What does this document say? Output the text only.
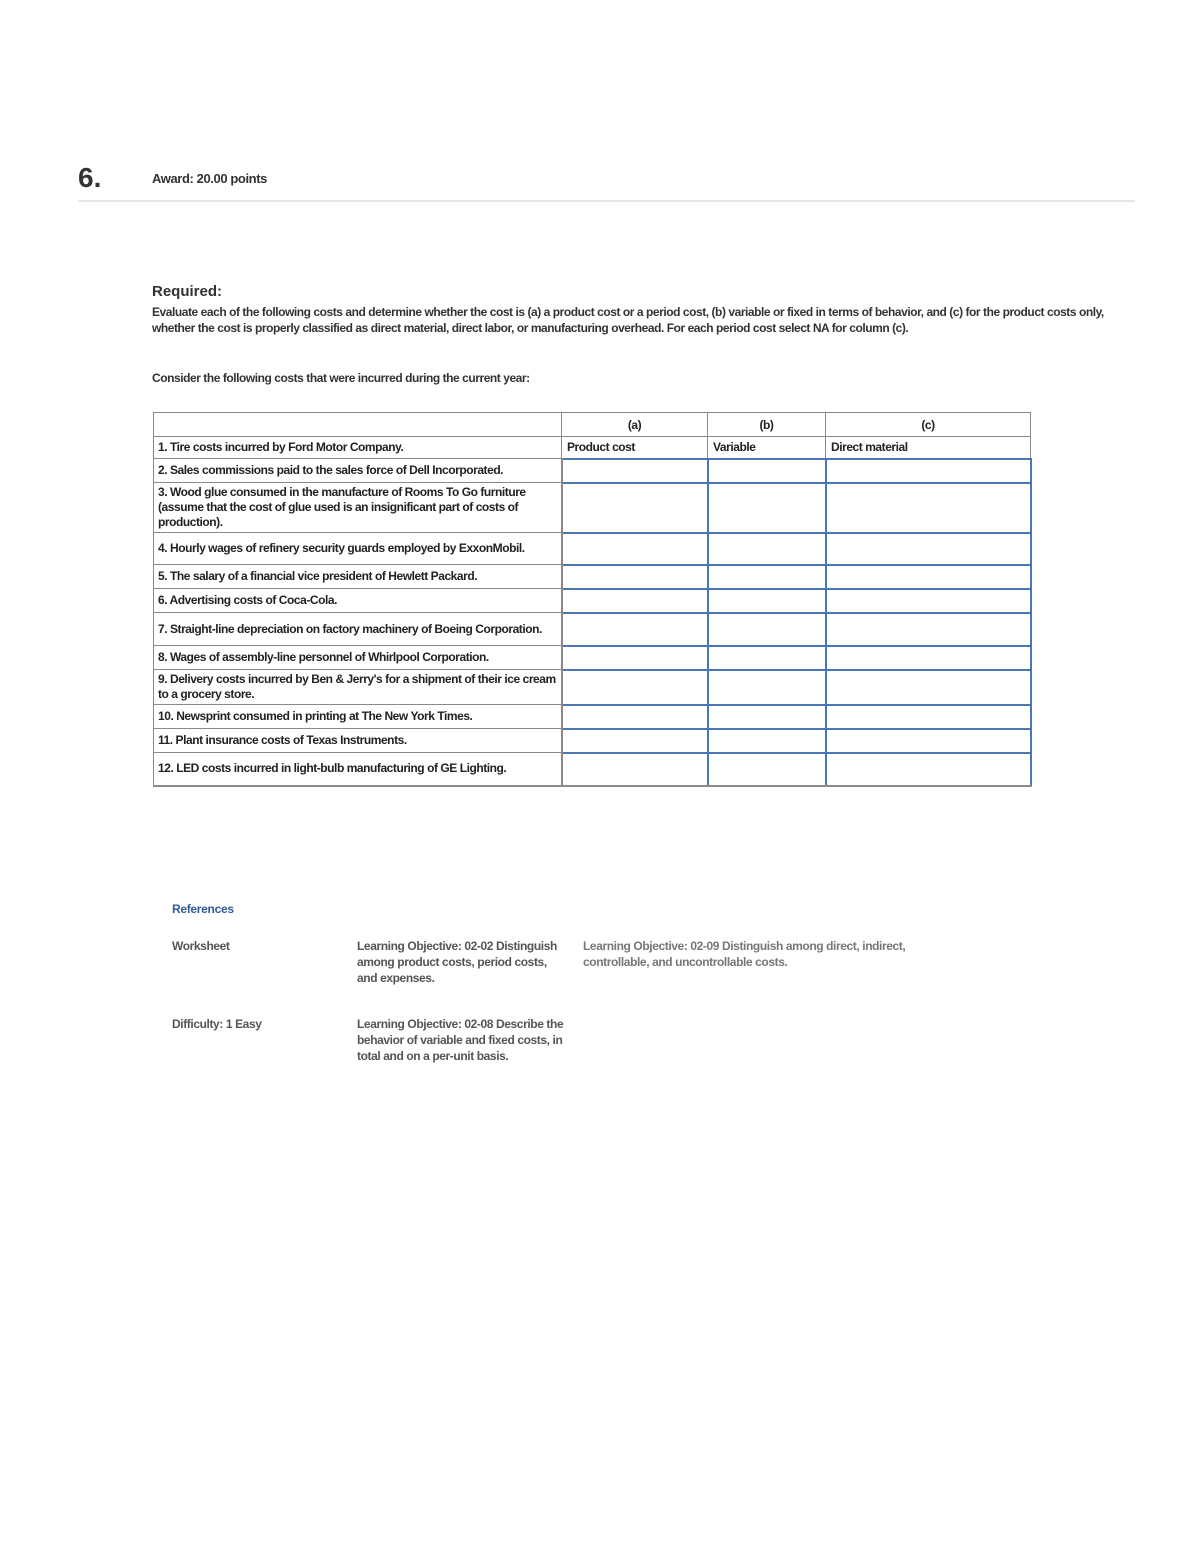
6.	Award: 20.00 points
Required:
Evaluate each of the following costs and determine whether the cost is (a) a product cost or a period cost, (b) variable or fixed in terms of behavior, and (c) for the product costs only, whether the cost is properly classified as direct material, direct labor, or manufacturing overhead. For each period cost select NA for column (c).
Consider the following costs that were incurred during the current year:
	(a)	(b)	(c)
1. Tire costs incurred by Ford Motor Company.	Product cost	Variable	Direct material
2. Sales commissions paid to the sales force of Dell Incorporated.			
3. Wood glue consumed in the manufacture of Rooms To Go furniture (assume that the cost of glue used is an insignificant part of costs of production).			
4. Hourly wages of refinery security guards employed by ExxonMobil.			
5. The salary of a financial vice president of Hewlett Packard.			
6. Advertising costs of Coca-Cola.			
7. Straight-line depreciation on factory machinery of Boeing Corporation.			
8. Wages of assembly-line personnel of Whirlpool Corporation.			
9. Delivery costs incurred by Ben & Jerry's for a shipment of their ice cream to a grocery store.			
10. Newsprint consumed in printing at The New York Times.			
11. Plant insurance costs of Texas Instruments.			
12. LED costs incurred in light-bulb manufacturing of GE Lighting.			
References
Worksheet	Learning Objective: 02-02 Distinguish among product costs, period costs, and expenses.
Learning Objective: 02-09 Distinguish among direct, indirect, controllable, and uncontrollable costs.
Difficulty: 1 Easy	Learning Objective: 02-08 Describe the behavior of variable and fixed costs, in total and on a per-unit basis.
